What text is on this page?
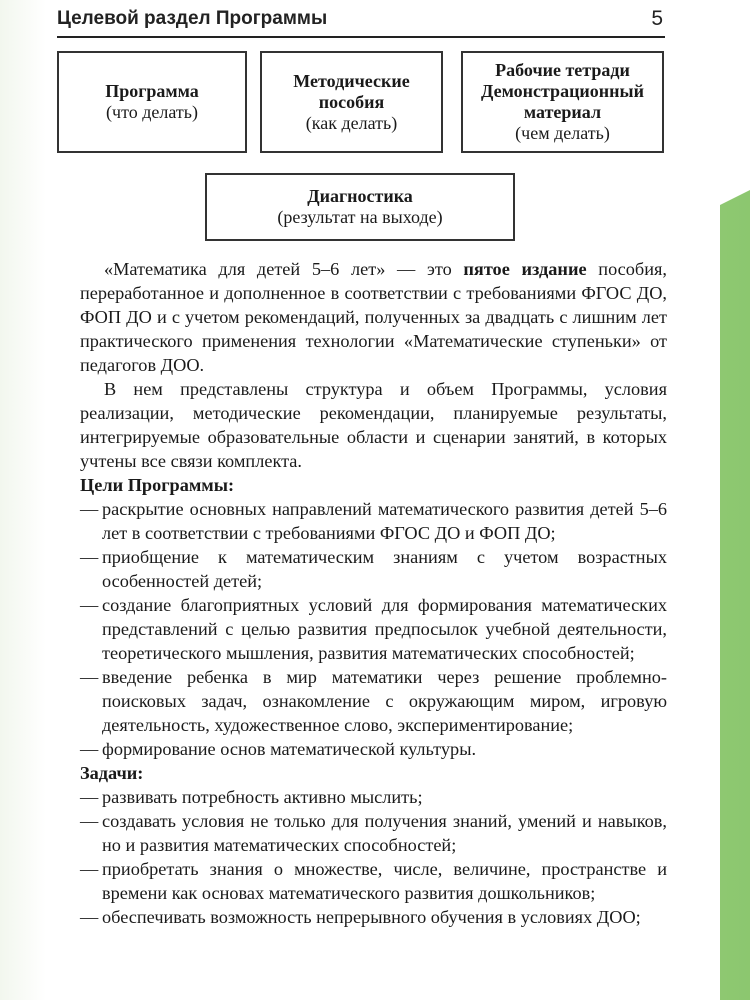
Целевой раздел Программы	5
Программа
(что делать)
Методические пособия
(как делать)
Рабочие тетради Демонстрационный материал
(чем делать)
Диагностика
(результат на выходе)

«Математика для детей 5–6 лет» — это пятое издание пособия, переработанное и дополненное в соответствии с требованиями ФГОС ДО, ФОП ДО и с учетом рекомендаций, полученных за двадцать с лишним лет практического применения технологии «Математические ступеньки» от педагогов ДОО.

В нем представлены структура и объем Программы, условия реализации, методические рекомендации, планируемые результаты, интегрируемые образовательные области и сценарии занятий, в которых учтены все связи комплекта.

Цели Программы:

— раскрытие основных направлений математического развития детей 5–6 лет в соответствии с требованиями ФГОС ДО и ФОП ДО;
— приобщение к математическим знаниям с учетом возрастных особенностей детей;
— создание благоприятных условий для формирования математических представлений с целью развития предпосылок учебной деятельности, теоретического мышления, развития математических способностей;
— введение ребенка в мир математики через решение проблемно-поисковых задач, ознакомление с окружающим миром, игровую деятельность, художественное слово, экспериментирование;
— формирование основ математической культуры.

Задачи:

— развивать потребность активно мыслить;
— создавать условия не только для получения знаний, умений и навыков, но и развития математических способностей;
— приобретать знания о множестве, числе, величине, пространстве и времени как основах математического развития дошкольников;
— обеспечивать возможность непрерывного обучения в условиях ДОО;
